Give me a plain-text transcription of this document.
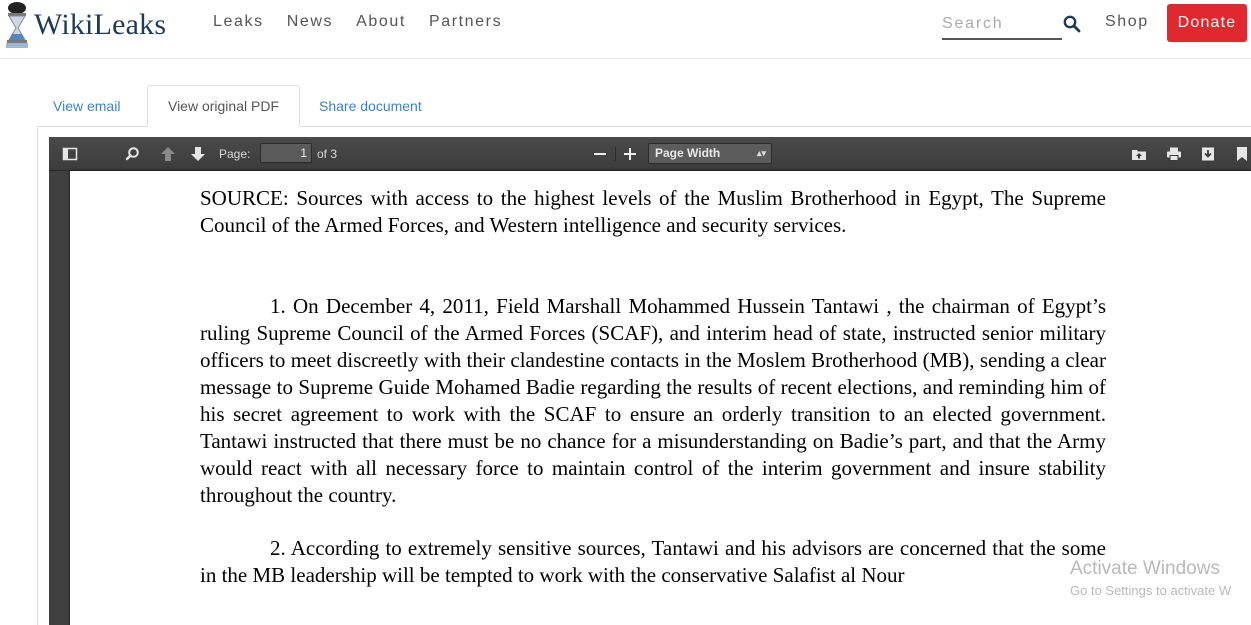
WikiLeaks	Leaks News About Partners
Search	Shop	Donate
View email	View original PDF	Share document
Page:
1	of 3	Page Width	▴▾

SOURCE: Sources with access to the highest levels of the Muslim Brotherhood in Egypt, The Supreme Council of the Armed Forces, and Western intelligence and security services.

1. On December 4, 2011, Field Marshall Mohammed Hussein Tantawi , the chairman of Egypt’s ruling Supreme Council of the Armed Forces (SCAF), and interim head of state, instructed senior military officers to meet discreetly with their clandestine contacts in the Moslem Brotherhood (MB), sending a clear message to Supreme Guide Mohamed Badie regarding the results of recent elections, and reminding him of his secret agreement to work with the SCAF to ensure an orderly transition to an elected government. Tantawi instructed that there must be no chance for a misunderstanding on Badie’s part, and that the Army would react with all necessary force to maintain control of the interim government and insure stability throughout the country.

2. According to extremely sensitive sources, Tantawi and his advisors are concerned that the some in the MB leadership will be tempted to work with the conservative Salafist al Nour	Activate Windows
Go to Settings to activate W
